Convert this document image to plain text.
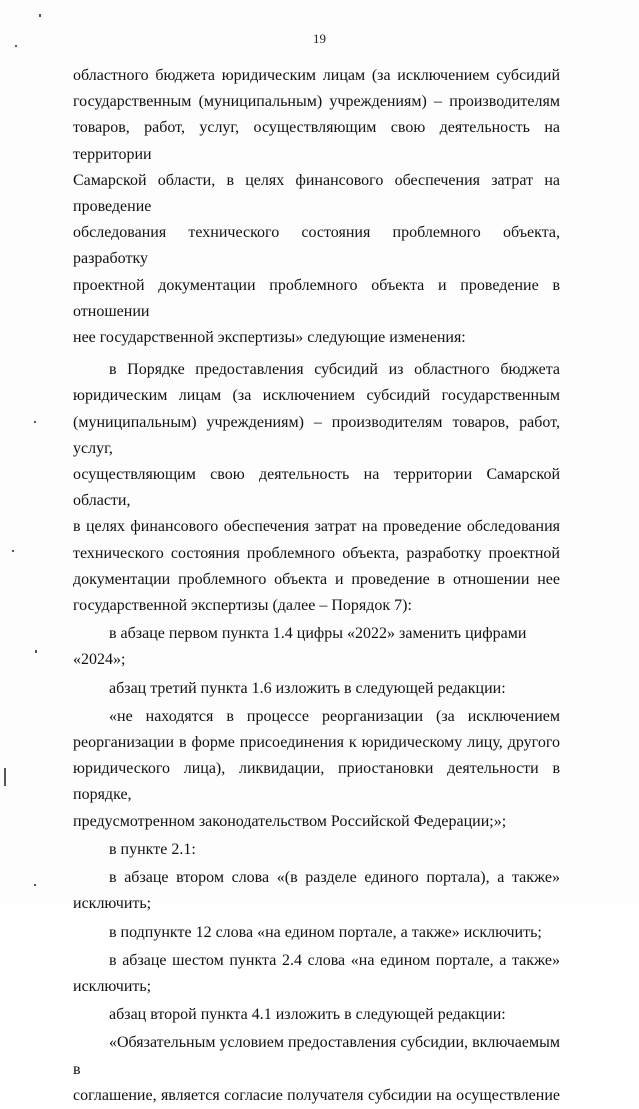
19
областного бюджета юридическим лицам (за исключением субсидий
государственным (муниципальным) учреждениям) – производителям
товаров, работ, услуг, осуществляющим свою деятельность на территории
Самарской области, в целях финансового обеспечения затрат на проведение
обследования технического состояния проблемного объекта, разработку
проектной документации проблемного объекта и проведение в отношении
нее государственной экспертизы» следующие изменения:
в Порядке предоставления субсидий из областного бюджета
юридическим лицам (за исключением субсидий государственным
(муниципальным) учреждениям) – производителям товаров, работ, услуг,
осуществляющим свою деятельность на территории Самарской области,
в целях финансового обеспечения затрат на проведение обследования
технического состояния проблемного объекта, разработку проектной
документации проблемного объекта и проведение в отношении нее
государственной экспертизы (далее – Порядок 7):
в абзаце первом пункта 1.4 цифры «2022» заменить цифрами «2024»;
абзац третий пункта 1.6 изложить в следующей редакции:
«не находятся в процессе реорганизации (за исключением
реорганизации в форме присоединения к юридическому лицу, другого
юридического лица), ликвидации, приостановки деятельности в порядке,
предусмотренном законодательством Российской Федерации;»;
в пункте 2.1:
в абзаце втором слова «(в разделе единого портала), а также»
исключить;
в подпункте 12 слова «на едином портале, а также» исключить;
в абзаце шестом пункта 2.4 слова «на едином портале, а также»
исключить;
абзац второй пункта 4.1 изложить в следующей редакции:
«Обязательным условием предоставления субсидии, включаемым в
соглашение, является согласие получателя субсидии на осуществление
